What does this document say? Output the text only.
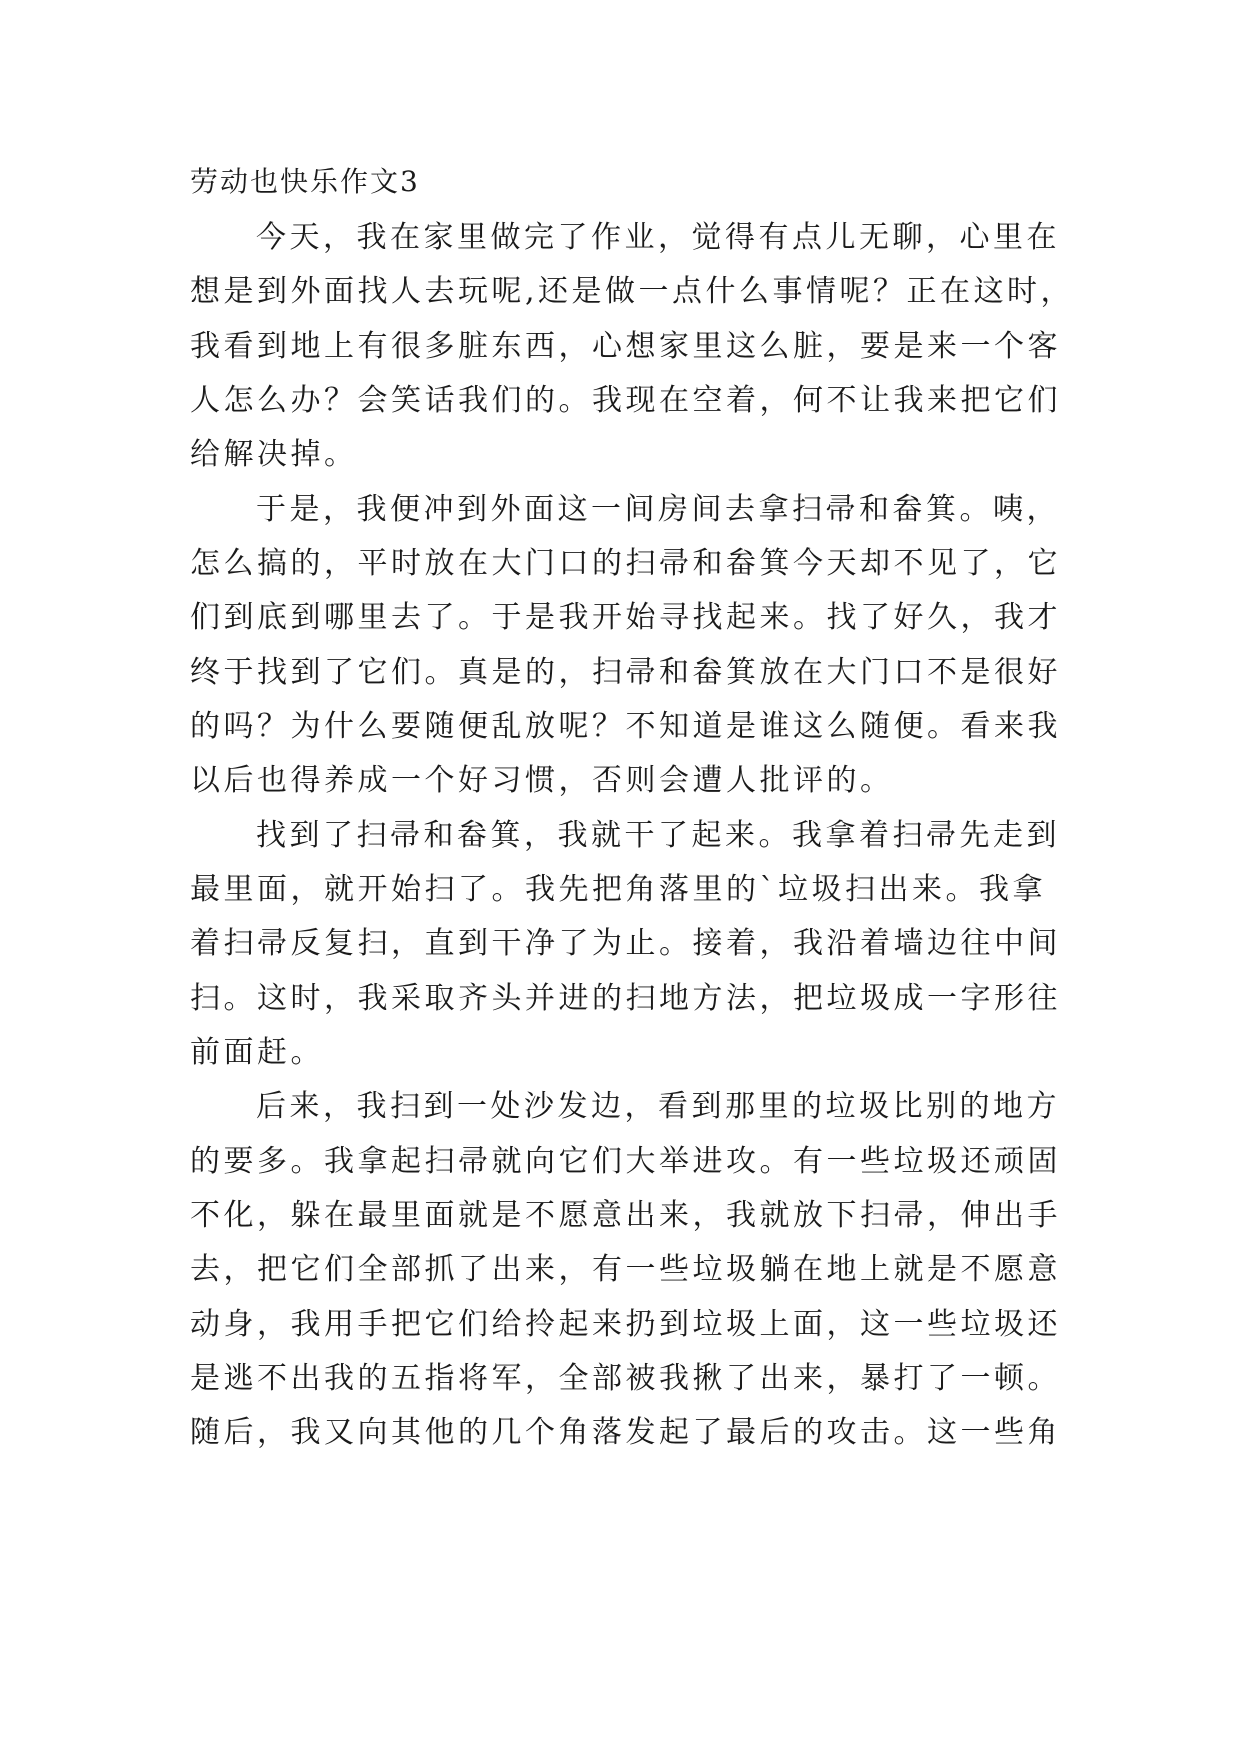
劳动也快乐作文3
今天，我在家里做完了作业，觉得有点儿无聊，心里在
想是到外面找人去玩呢,还是做一点什么事情呢？正在这时，
我看到地上有很多脏东西，心想家里这么脏，要是来一个客
人怎么办？会笑话我们的。我现在空着，何不让我来把它们
给解决掉。
于是，我便冲到外面这一间房间去拿扫帚和畚箕。咦，
怎么搞的，平时放在大门口的扫帚和畚箕今天却不见了，它
们到底到哪里去了。于是我开始寻找起来。找了好久，我才
终于找到了它们。真是的，扫帚和畚箕放在大门口不是很好
的吗？为什么要随便乱放呢？不知道是谁这么随便。看来我
以后也得养成一个好习惯，否则会遭人批评的。
找到了扫帚和畚箕，我就干了起来。我拿着扫帚先走到
最里面，就开始扫了。我先把角落里的`垃圾扫出来。我拿
着扫帚反复扫，直到干净了为止。接着，我沿着墙边往中间
扫。这时，我采取齐头并进的扫地方法，把垃圾成一字形往
前面赶。
后来，我扫到一处沙发边，看到那里的垃圾比别的地方
的要多。我拿起扫帚就向它们大举进攻。有一些垃圾还顽固
不化，躲在最里面就是不愿意出来，我就放下扫帚，伸出手
去，把它们全部抓了出来，有一些垃圾躺在地上就是不愿意
动身，我用手把它们给拎起来扔到垃圾上面，这一些垃圾还
是逃不出我的五指将军，全部被我揪了出来，暴打了一顿。
随后，我又向其他的几个角落发起了最后的攻击。这一些角
